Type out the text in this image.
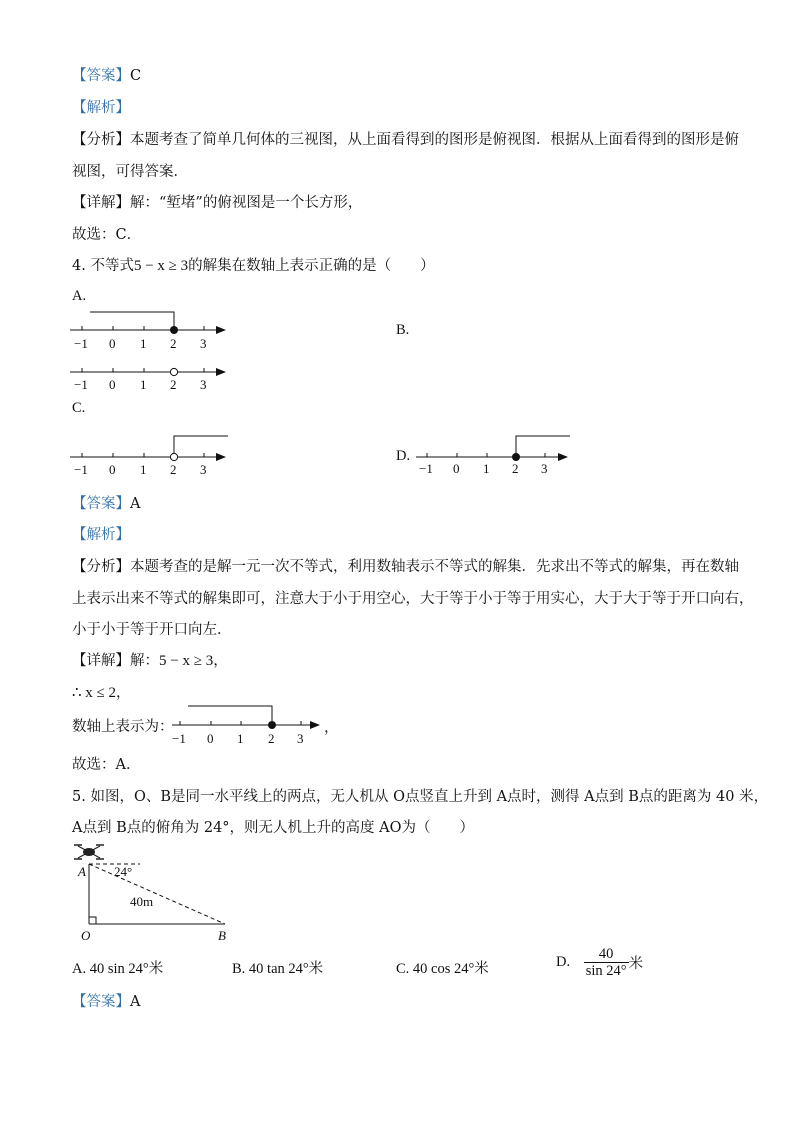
【答案】C
【解析】
【分析】本题考查了简单几何体的三视图，从上面看得到的图形是俯视图．根据从上面看得到的图形是俯
视图，可得答案．
【详解】解：“堑堵”的俯视图是一个长方形，
故选：C．
4. 不等式5 − x ≥ 3的解集在数轴上表示正确的是（　　）
A.
B.
C.
D.
−1 0 1 2 3
−1 0 1 2 3
−1 0 1 2 3	−1 0 1 2 3
【答案】A
【解析】
【分析】本题考查的是解一元一次不等式，利用数轴表示不等式的解集．先求出不等式的解集，再在数轴
上表示出来不等式的解集即可，注意大于小于用空心，大于等于小于等于用实心，大于大于等于开口向右，
小于小于等于开口向左．
【详解】解：5 − x ≥ 3，
∴ x ≤ 2，
数轴上表示为：
−1 0 1 2 3
，
故选：A．
5. 如图，O、B是同一水平线上的两点，无人机从 O点竖直上升到 A点时，测得 A点到 B点的距离为 40 米，
A点到 B点的俯角为 24°，则无人机上升的高度 AO为（　　）
A 24°
40m
O	B
A. 40 sin 24°米	B. 40 tan 24°米	C. 40 cos 24°米	D. $\frac{40}{\sin 24^\circ}$ 米
【答案】A
